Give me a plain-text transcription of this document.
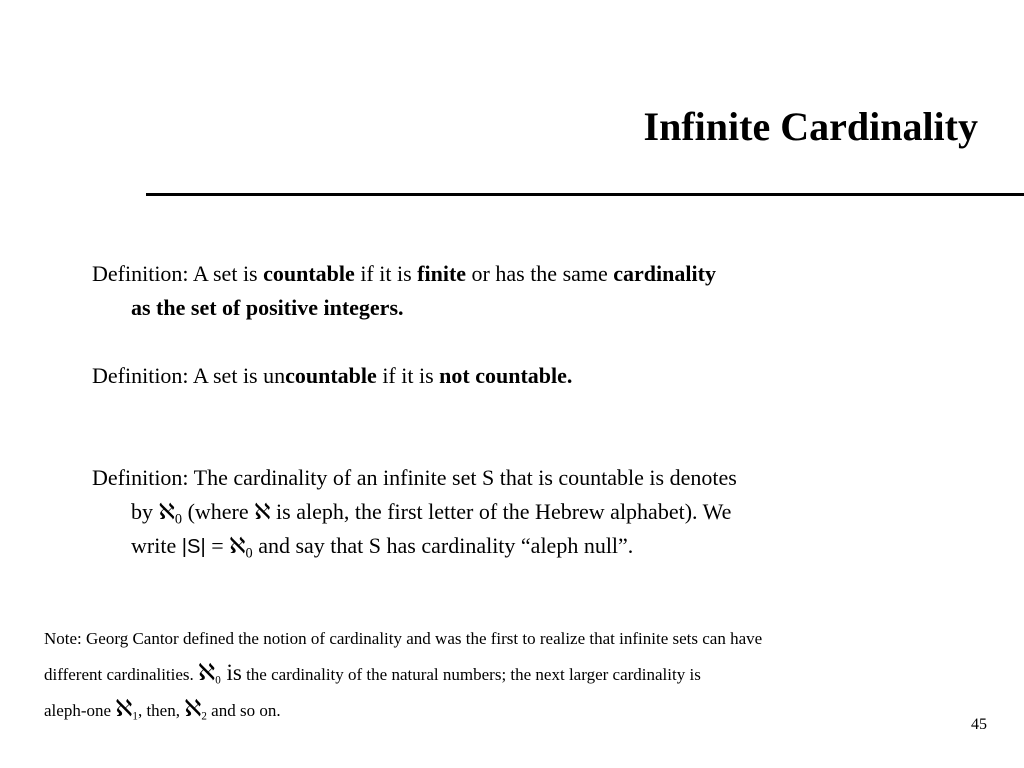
Infinite Cardinality
Definition: A set is countable if it is finite or has the same cardinality
as the set of positive integers.
Definition: A set is uncountable if it is not countable.
Definition: The cardinality of an infinite set S that is countable is denotes
by ℵ$_0$ (where ℵ is aleph, the first letter of the Hebrew alphabet). We
write |S| = ℵ$_0$ and say that S has cardinality “aleph null”.
Note: Georg Cantor defined the notion of cardinality and was the first to realize that infinite sets can have
different cardinalities. ℵ$_0$ is the cardinality of the natural numbers; the next larger cardinality is
aleph-one ℵ$_1$, then, ℵ$_2$ and so on.
45
